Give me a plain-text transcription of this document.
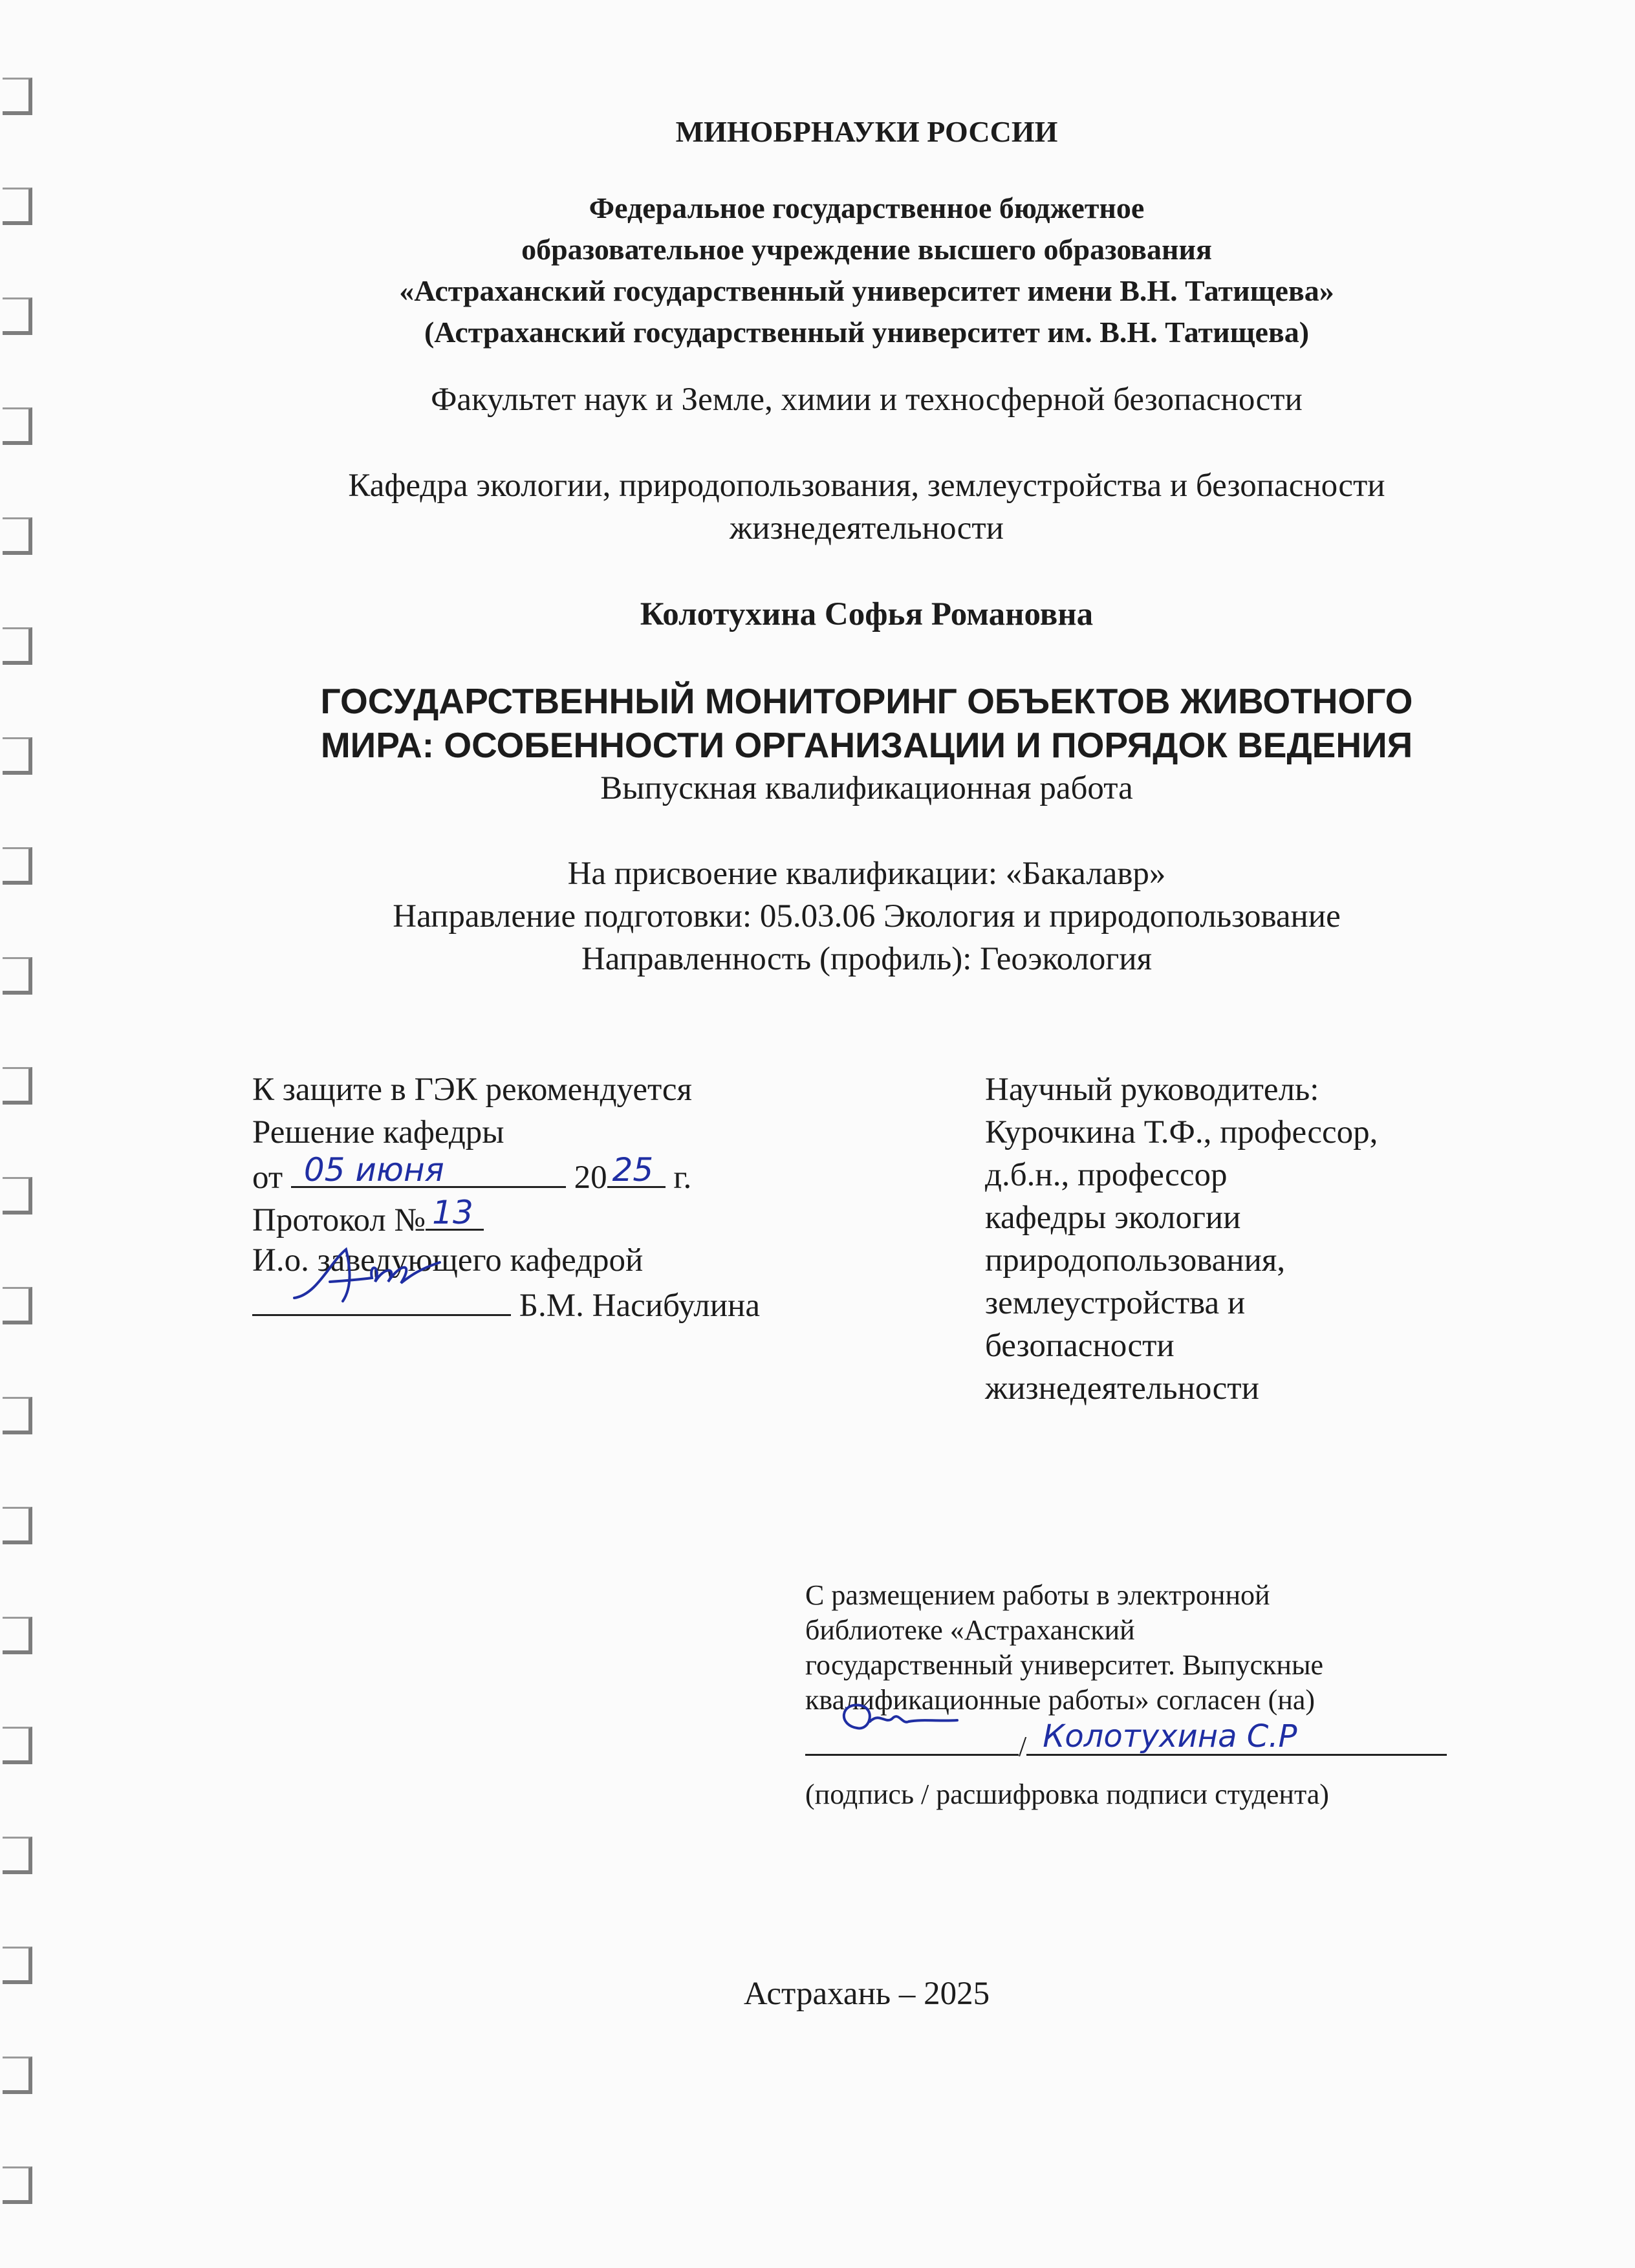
МИНОБРНАУКИ РОССИИ
Федеральное государственное бюджетное
образовательное учреждение высшего образования
«Астраханский государственный университет имени В.Н. Татищева»
(Астраханский государственный университет им. В.Н. Татищева)
Факультет наук и Земле, химии и техносферной безопасности
Кафедра экологии, природопользования, землеустройства и безопасности
жизнедеятельности
Колотухина Софья Романовна
ГОСУДАРСТВЕННЫЙ МОНИТОРИНГ ОБЪЕКТОВ ЖИВОТНОГО
МИРА: ОСОБЕННОСТИ ОРГАНИЗАЦИИ И ПОРЯДОК ВЕДЕНИЯ
Выпускная квалификационная работа
На присвоение квалификации: «Бакалавр»
Направление подготовки: 05.03.06 Экология и природопользование
Направленность (профиль): Геоэкология
К защите в ГЭК рекомендуется
Решение кафедры
от 05 июня	20 25 г.
Протокол № 13
И.о. заведующего кафедрой
Б.М. Насибулина
Научный руководитель:
Курочкина Т.Ф., профессор,
д.б.н., профессор
кафедры экологии
природопользования,
землеустройства и
безопасности
жизнедеятельности
С размещением работы в электронной
библиотеке «Астраханский
государственный университет. Выпускные
квалификационные работы» согласен (на)
/ Колотухина С.Р
(подпись / расшифровка подписи студента)
Астрахань – 2025
